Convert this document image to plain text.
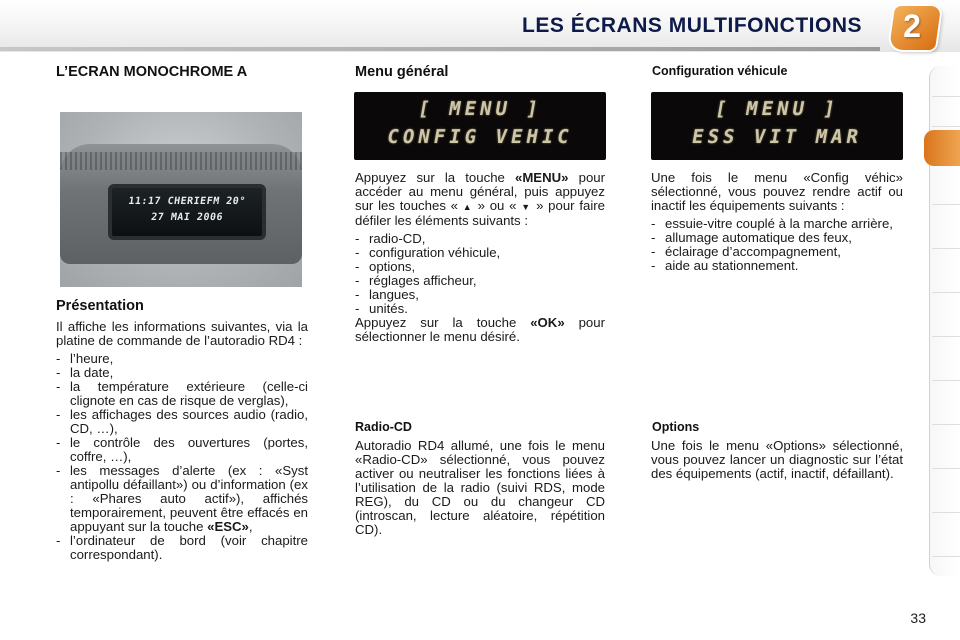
LES ÉCRANS MULTIFONCTIONS	2
L’ECRAN MONOCHROME A
11:17 CHERIEFM 20°
27 MAI 2006
Présentation

Il affiche les informations suivantes, via la platine de commande de l’autoradio RD4 :

- l’heure,
- la date,
- la température extérieure (celle-ci clignote en cas de risque de verglas),
- les affichages des sources audio (radio, CD, …),
- le contrôle des ouvertures (portes, coffre, …),
- les messages d’alerte (ex : «Syst antipollu défaillant») ou d’information (ex : «Phares auto actif»), affichés temporairement, peuvent être effacés en appuyant sur la touche «ESC»,
- l’ordinateur de bord (voir chapitre correspondant).
Menu général
[ MENU ]
CONFIG VEHIC

Appuyez sur la touche «MENU» pour accéder au menu général, puis appuyez sur les touches « ▲ » ou « ▼ » pour faire défiler les éléments suivants :

- radio-CD,
- configuration véhicule,
- options,
- réglages afficheur,
- langues,
- unités.

Appuyez sur la touche «OK» pour sélectionner le menu désiré.

Radio-CD

Autoradio RD4 allumé, une fois le menu «Radio-CD» sélectionné, vous pouvez activer ou neutraliser les fonctions liées à l’utilisation de la radio (suivi RDS, mode REG), du CD ou du changeur CD (introscan, lecture aléatoire, répétition CD).

Configuration véhicule
[ MENU ]
ESS VIT MAR

Une fois le menu «Config véhic» sélectionné, vous pouvez rendre actif ou inactif les équipements suivants :

- essuie-vitre couplé à la marche arrière,
- allumage automatique des feux,
- éclairage d’accompagnement,
- aide au stationnement.
Options

Une fois le menu «Options» sélectionné, vous pouvez lancer un diagnostic sur l’état des équipements (actif, inactif, défaillant).

33
